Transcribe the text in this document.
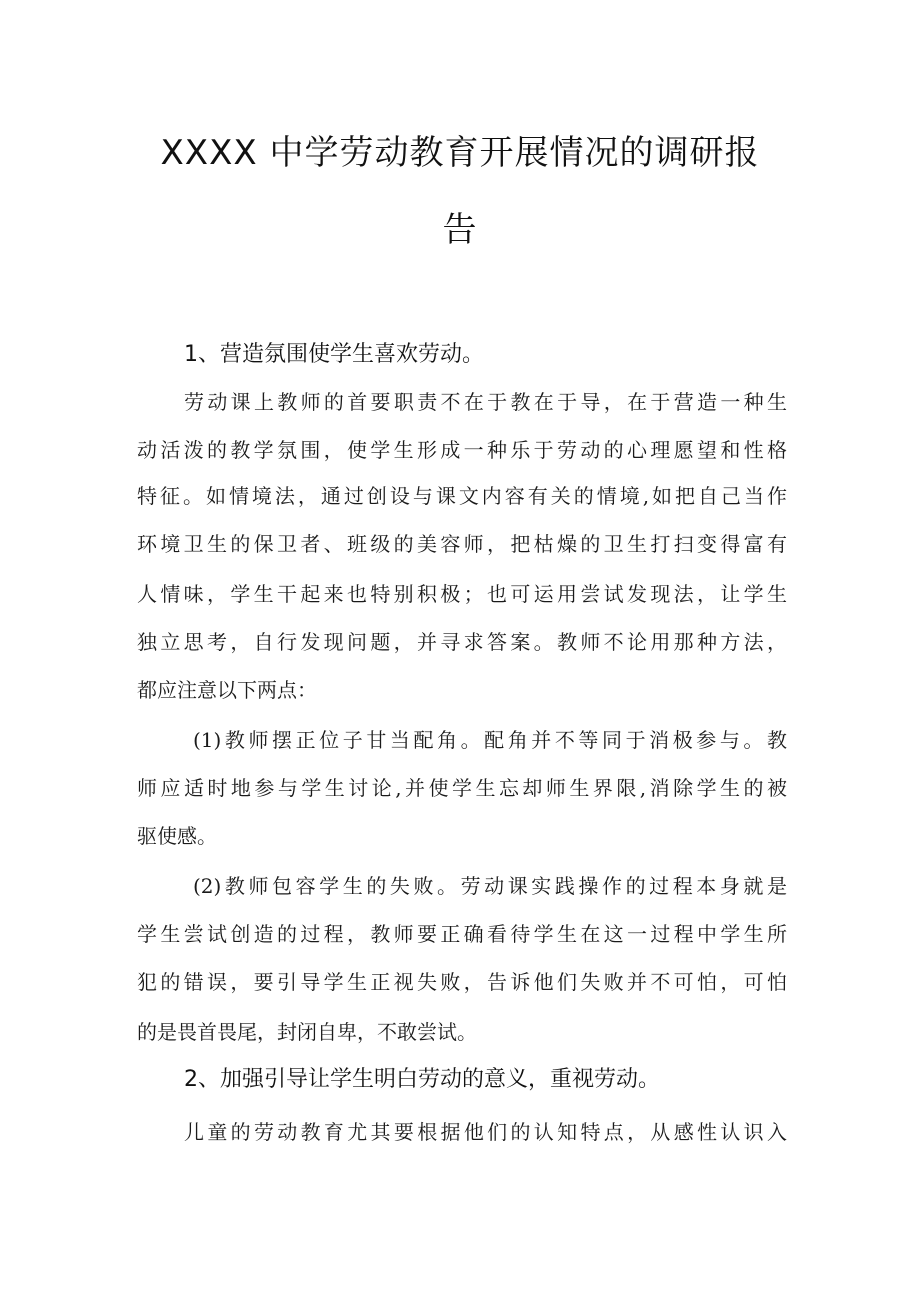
XXXX 中学劳动教育开展情况的调研报
告
1、营造氛围使学生喜欢劳动。
劳动课上教师的首要职责不在于教在于导，在于营造一种生
动活泼的教学氛围，使学生形成一种乐于劳动的心理愿望和性格
特征。如情境法，通过创设与课文内容有关的情境,如把自己当作
环境卫生的保卫者、班级的美容师，把枯燥的卫生打扫变得富有
人情味，学生干起来也特别积极；也可运用尝试发现法，让学生
独立思考，自行发现问题，并寻求答案。教师不论用那种方法，
都应注意以下两点：
(1)教师摆正位子甘当配角。配角并不等同于消极参与。教
师应适时地参与学生讨论,并使学生忘却师生界限,消除学生的被
驱使感。
(2)教师包容学生的失败。劳动课实践操作的过程本身就是
学生尝试创造的过程，教师要正确看待学生在这一过程中学生所
犯的错误，要引导学生正视失败，告诉他们失败并不可怕，可怕
的是畏首畏尾，封闭自卑，不敢尝试。
2、加强引导让学生明白劳动的意义，重视劳动。
儿童的劳动教育尤其要根据他们的认知特点，从感性认识入
